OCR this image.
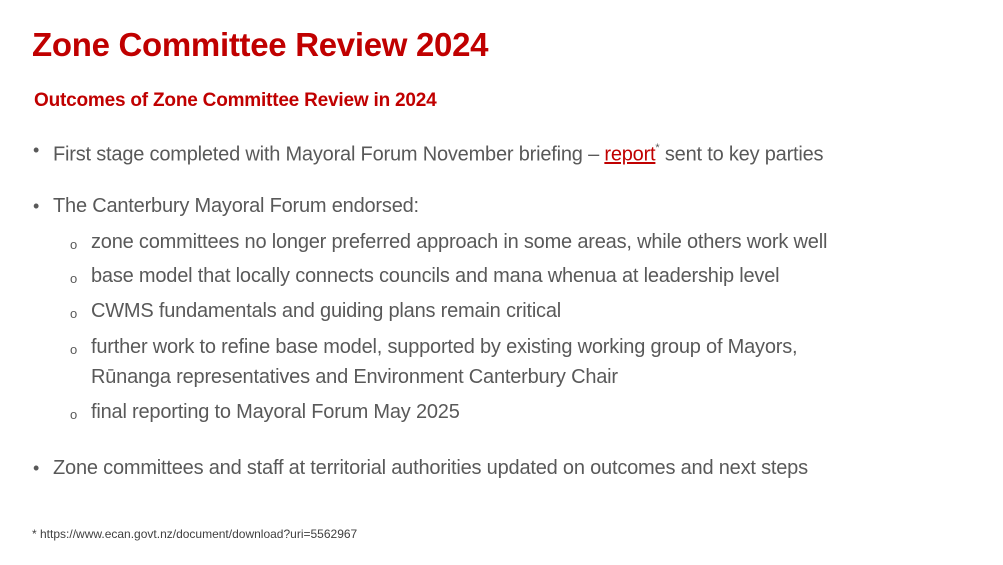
Zone Committee Review 2024
Outcomes of Zone Committee Review in 2024
• First stage completed with Mayoral Forum November briefing – report* sent to key parties
• The Canterbury Mayoral Forum endorsed:
o zone committees no longer preferred approach in some areas, while others work well
o base model that locally connects councils and mana whenua at leadership level
o CWMS fundamentals and guiding plans remain critical
o further work to refine base model, supported by existing working group of Mayors,
Rūnanga representatives and Environment Canterbury Chair
o final reporting to Mayoral Forum May 2025
• Zone committees and staff at territorial authorities updated on outcomes and next steps
* https://www.ecan.govt.nz/document/download?uri=5562967
